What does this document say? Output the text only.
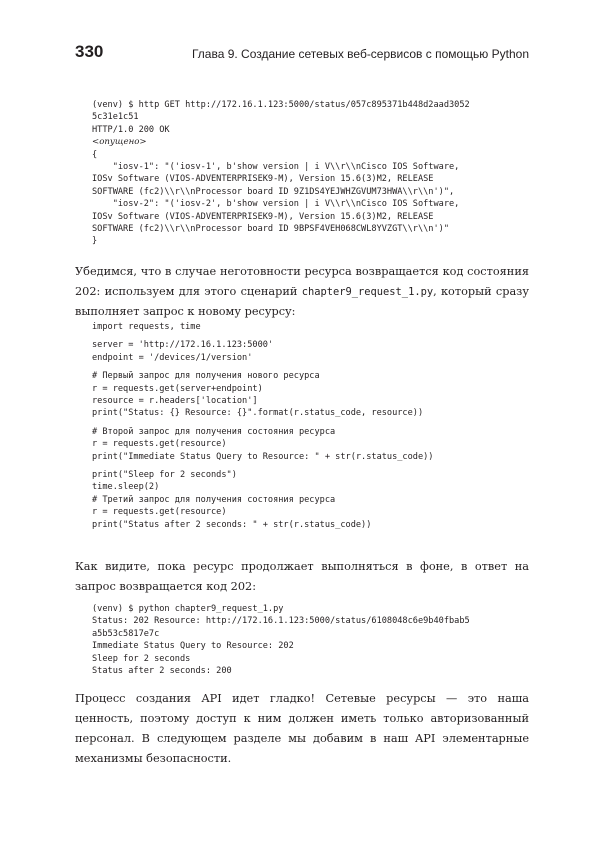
330	Глава 9. Создание сетевых веб-сервисов с помощью Python
(venv) $ http GET http://172.16.1.123:5000/status/057c895371b448d2aad3052
5c31e1c51
HTTP/1.0 200 OK
<опущено>
{
"iosv-1": "('iosv-1', b'show version | i V\\r\\nCisco IOS Software,
IOSv Software (VIOS-ADVENTERPRISEK9-M), Version 15.6(3)M2, RELEASE
SOFTWARE (fc2)\\r\\nProcessor board ID 9Z1DS4YEJWHZGVUM73HWA\\r\\n')",
"iosv-2": "('iosv-2', b'show version | i V\\r\\nCisco IOS Software,
IOSv Software (VIOS-ADVENTERPRISEK9-M), Version 15.6(3)M2, RELEASE
SOFTWARE (fc2)\\r\\nProcessor board ID 9BPSF4VEH068CWL8YVZGT\\r\\n')"
}

Убедимся, что в случае неготовности ресурса возвращается код состояния 202: используем для этого сценарий chapter9_request_1.py, который сразу выполняет запрос к новому ресурсу:

import requests, time

server = 'http://172.16.1.123:5000'
endpoint = '/devices/1/version'

# Первый запрос для получения нового ресурса
r = requests.get(server+endpoint)
resource = r.headers['location']
print("Status: {} Resource: {}".format(r.status_code, resource))

# Второй запрос для получения состояния ресурса
r = requests.get(resource)
print("Immediate Status Query to Resource: " + str(r.status_code))

print("Sleep for 2 seconds")
time.sleep(2)
# Третий запрос для получения состояния ресурса
r = requests.get(resource)
print("Status after 2 seconds: " + str(r.status_code))

Как видите, пока ресурс продолжает выполняться в фоне, в ответ на запрос возвращается код 202:

(venv) $ python chapter9_request_1.py
Status: 202 Resource: http://172.16.1.123:5000/status/6108048c6e9b40fbab5
a5b53c5817e7c
Immediate Status Query to Resource: 202
Sleep for 2 seconds
Status after 2 seconds: 200

Процесс создания API идет гладко! Сетевые ресурсы — это наша ценность, поэтому доступ к ним должен иметь только авторизованный персонал. В следующем разделе мы добавим в наш API элементарные механизмы безопасности.
